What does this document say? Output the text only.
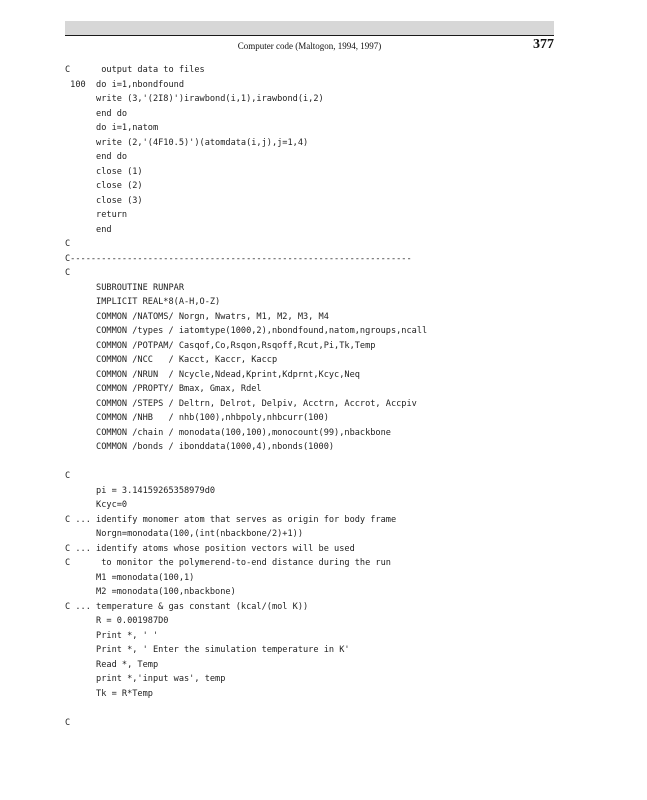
Computer code (Maltogon, 1994, 1997)	377
C      output data to files
100  do i=1,nbondfound
write (3,'(2I8)')irawbond(i,1),irawbond(i,2)
end do
do i=1,natom
write (2,'(4F10.5)')(atomdata(i,j),j=1,4)
end do
close (1)
close (2)
close (3)
return
end
C
C------------------------------------------------------------------
C
SUBROUTINE RUNPAR
IMPLICIT REAL*8(A-H,O-Z)
COMMON /NATOMS/ Norgn, Nwatrs, M1, M2, M3, M4
COMMON /types / iatomtype(1000,2),nbondfound,natom,ngroups,ncall
COMMON /POTPAM/ Casqof,Co,Rsqon,Rsqoff,Rcut,Pi,Tk,Temp
COMMON /NCC   / Kacct, Kaccr, Kaccp
COMMON /NRUN  / Ncycle,Ndead,Kprint,Kdprnt,Kcyc,Neq
COMMON /PROPTY/ Bmax, Gmax, Rdel
COMMON /STEPS / Deltrn, Delrot, Delpiv, Acctrn, Accrot, Accpiv
COMMON /NHB   / nhb(100),nhbpoly,nhbcurr(100)
COMMON /chain / monodata(100,100),monocount(99),nbackbone
COMMON /bonds / ibonddata(1000,4),nbonds(1000)
C
pi = 3.14159265358979d0
Kcyc=0
C ... identify monomer atom that serves as origin for body frame
Norgn=monodata(100,(int(nbackbone/2)+1))
C ... identify atoms whose position vectors will be used
C      to monitor the polymerend-to-end distance during the run
M1 =monodata(100,1)
M2 =monodata(100,nbackbone)
C ... temperature & gas constant (kcal/(mol K))
R = 0.001987D0
Print *, ' '
Print *, ' Enter the simulation temperature in K'
Read *, Temp
print *,'input was', temp
Tk = R*Temp
C
